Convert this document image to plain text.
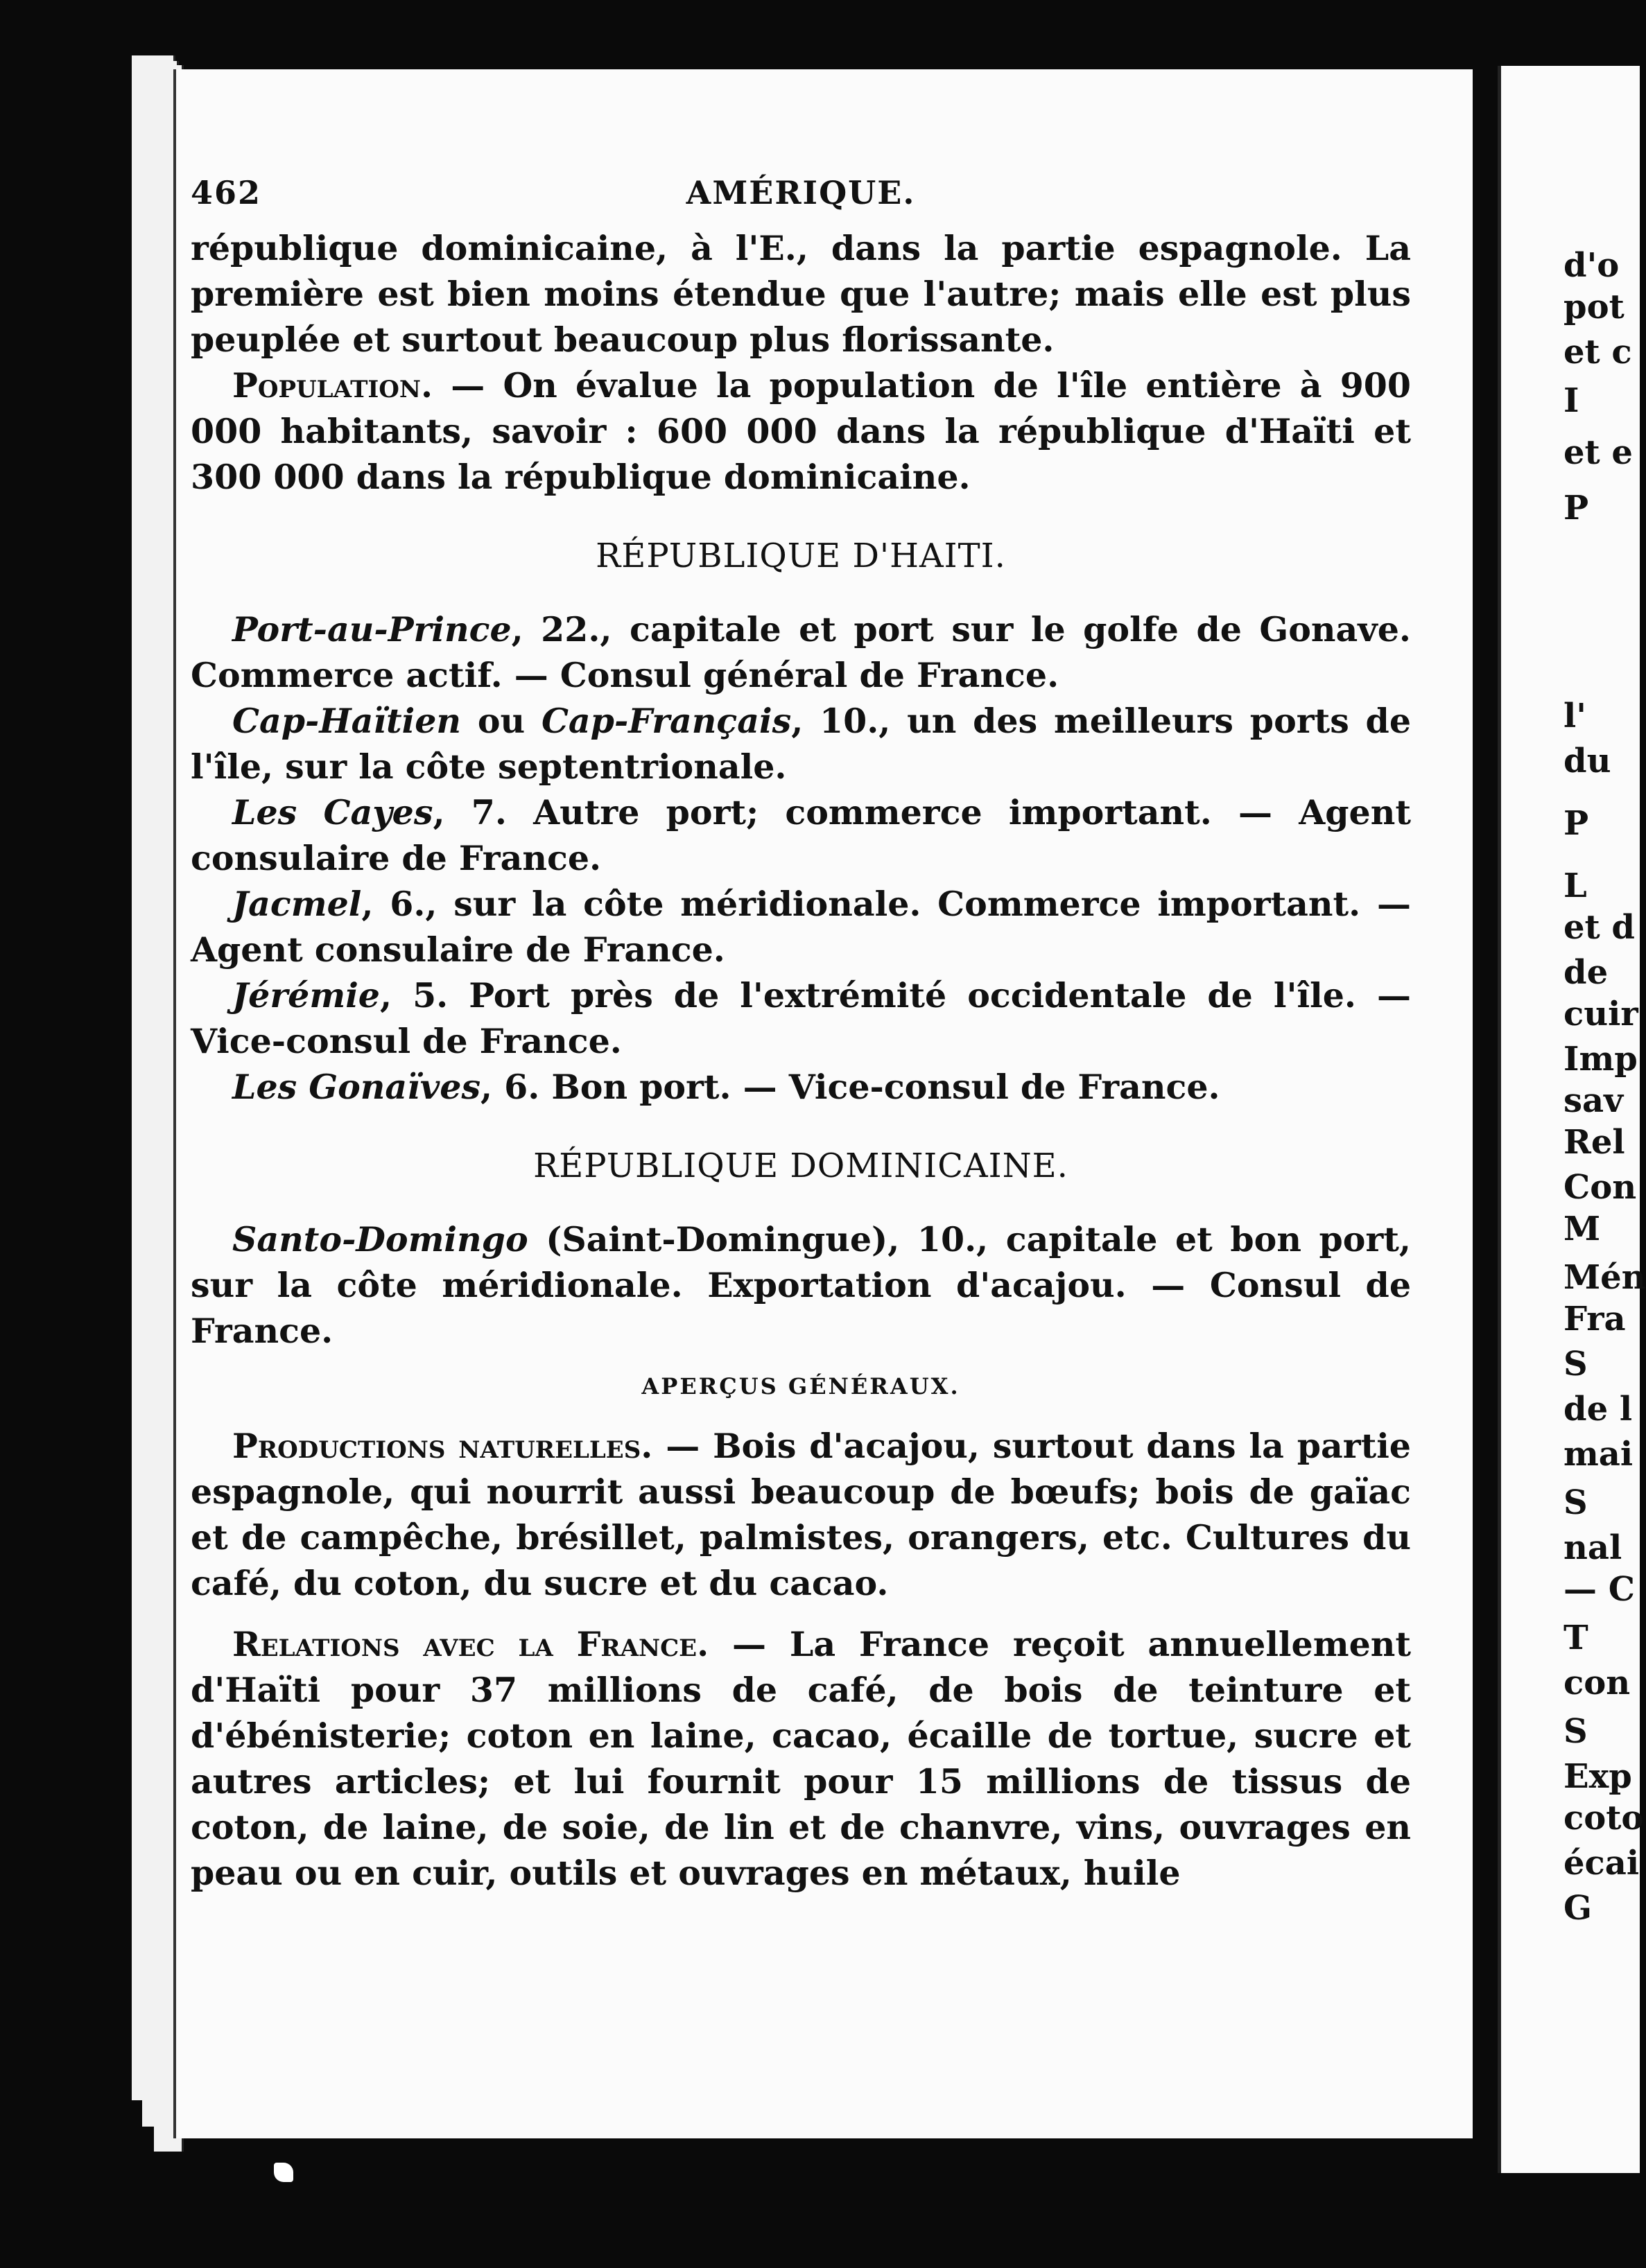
462	AMÉRIQUE.

république dominicaine, à l'E., dans la partie espagnole. La première est bien moins étendue que l'autre; mais elle est plus peuplée et surtout beaucoup plus florissante.

Population. — On évalue la population de l'île entière à 900 000 habitants, savoir : 600 000 dans la république d'Haïti et 300 000 dans la république dominicaine.

RÉPUBLIQUE D'HAITI.

Port-au-Prince, 22., capitale et port sur le golfe de Gonave. Commerce actif. — Consul général de France.

Cap-Haïtien ou Cap-Français, 10., un des meilleurs ports de l'île, sur la côte septentrionale.

Les Cayes, 7. Autre port; commerce important. — Agent consulaire de France.

Jacmel, 6., sur la côte méridionale. Commerce important. — Agent consulaire de France.

Jérémie, 5. Port près de l'extrémité occidentale de l'île. — Vice-consul de France.

Les Gonaïves, 6. Bon port. — Vice-consul de France.

RÉPUBLIQUE DOMINICAINE.

Santo-Domingo (Saint-Domingue), 10., capitale et bon port, sur la côte méridionale. Exportation d'acajou. — Consul de France.

APERÇUS GÉNÉRAUX.

Productions naturelles. — Bois d'acajou, surtout dans la partie espagnole, qui nourrit aussi beaucoup de bœufs; bois de gaïac et de campêche, brésillet, palmistes, orangers, etc. Cultures du café, du coton, du sucre et du cacao.

Relations avec la France. — La France reçoit annuellement d'Haïti pour 37 millions de café, de bois de teinture et d'ébénisterie; coton en laine, cacao, écaille de tortue, sucre et autres articles; et lui fournit pour 15 millions de tissus de coton, de laine, de soie, de lin et de chanvre, vins, ouvrages en peau ou en cuir, outils et ouvrages en métaux, huile

d'o
pot
et c
I
et e
P
l'
du
P
L
et d
de
cuir
Imp
sav
Rel
Con
M
Mén
Fra
S
de l
mai
S
nal
— C
T
con
S
Exp
coto
écai
G
